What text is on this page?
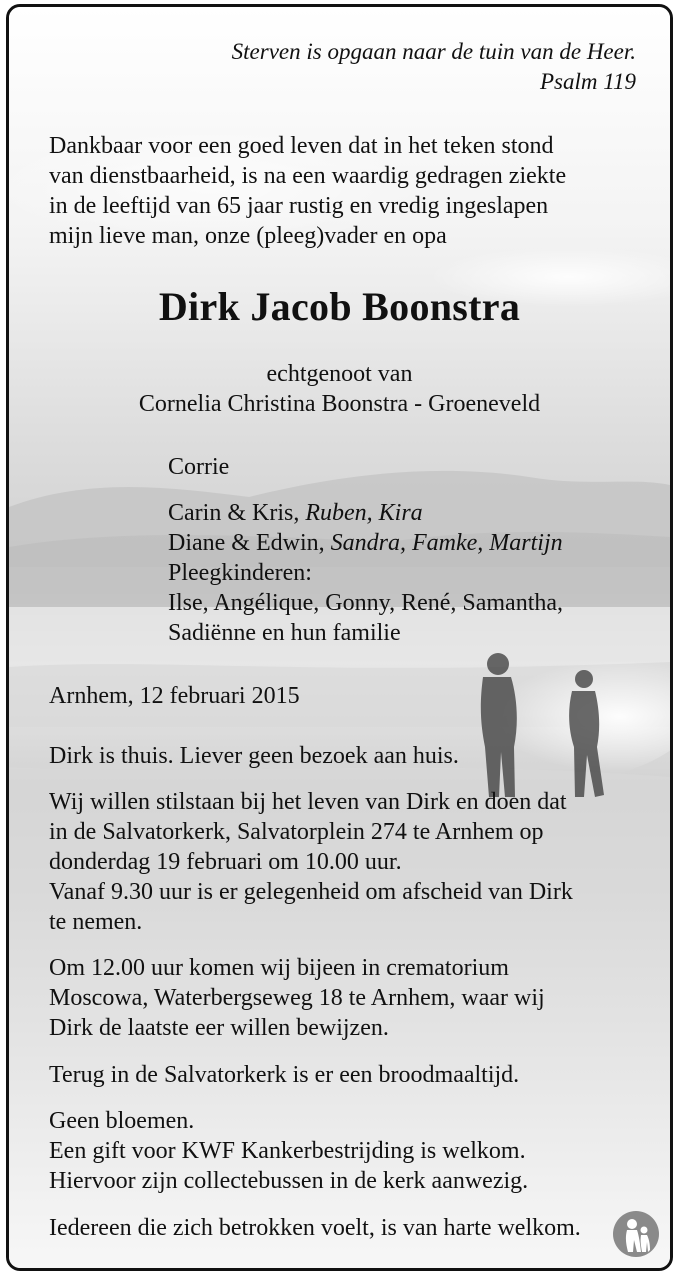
Sterven is opgaan naar de tuin van de Heer.
Psalm 119
Dankbaar voor een goed leven dat in het teken stond
van dienstbaarheid, is na een waardig gedragen ziekte
in de leeftijd van 65 jaar rustig en vredig ingeslapen
mijn lieve man, onze (pleeg)vader en opa
Dirk Jacob Boonstra
echtgenoot van
Cornelia Christina Boonstra - Groeneveld
Corrie
Carin & Kris, Ruben, Kira
Diane & Edwin, Sandra, Famke, Martijn
Pleegkinderen:
Ilse, Angélique, Gonny, René, Samantha,
Sadiënne en hun familie
Arnhem, 12 februari 2015
Dirk is thuis. Liever geen bezoek aan huis.
Wij willen stilstaan bij het leven van Dirk en doen dat
in de Salvatorkerk, Salvatorplein 274 te Arnhem op
donderdag 19 februari om 10.00 uur.
Vanaf 9.30 uur is er gelegenheid om afscheid van Dirk
te nemen.
Om 12.00 uur komen wij bijeen in crematorium
Moscowa, Waterbergseweg 18 te Arnhem, waar wij
Dirk de laatste eer willen bewijzen.
Terug in de Salvatorkerk is er een broodmaaltijd.
Geen bloemen.
Een gift voor KWF Kankerbestrijding is welkom.
Hiervoor zijn collectebussen in de kerk aanwezig.
Iedereen die zich betrokken voelt, is van harte welkom.
